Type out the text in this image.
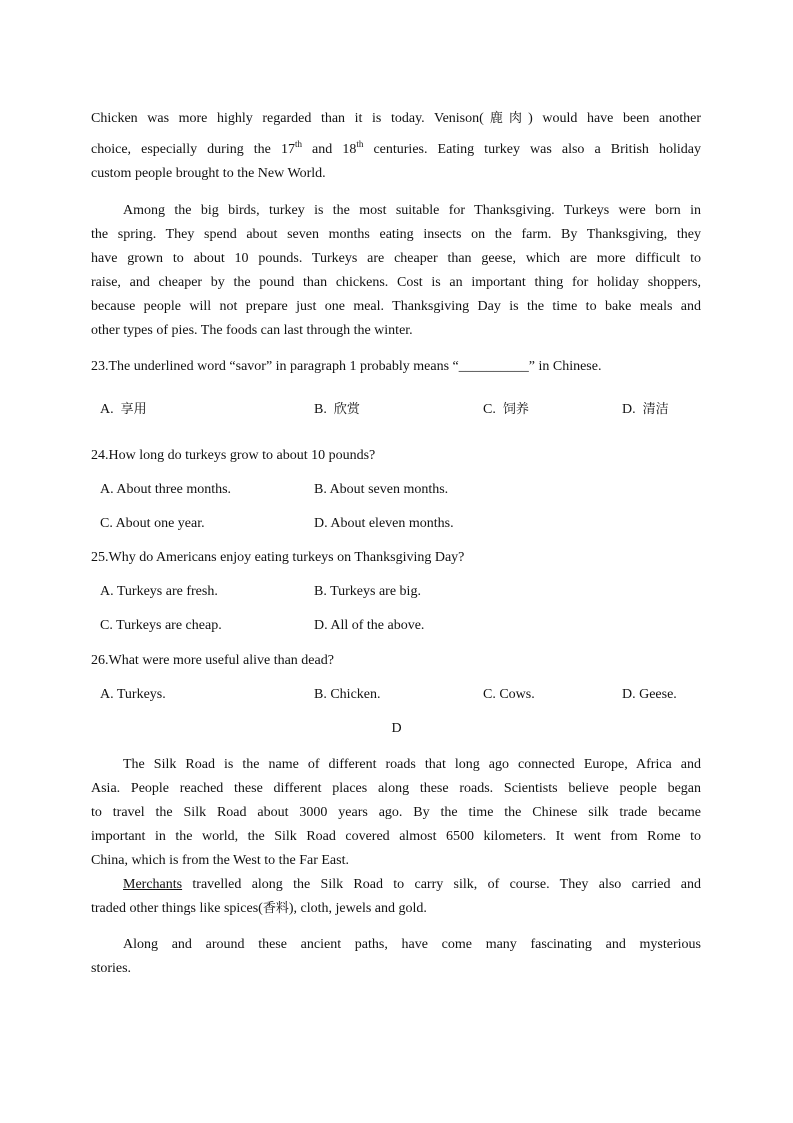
Chicken was more highly regarded than it is today. Venison(鹿肉) would have been another
choice, especially during the 17th and 18th centuries. Eating turkey was also a British holiday
custom people brought to the New World.
Among the big birds, turkey is the most suitable for Thanksgiving. Turkeys were born in
the spring. They spend about seven months eating insects on the farm. By Thanksgiving, they
have grown to about 10 pounds. Turkeys are cheaper than geese, which are more difficult to
raise, and cheaper by the pound than chickens. Cost is an important thing for holiday shoppers,
because people will not prepare just one meal. Thanksgiving Day is the time to bake meals and
other types of pies. The foods can last through the winter.
23.The underlined word “savor” in paragraph 1 probably means “__________” in Chinese.
A. 享用	B. 欣赏	C. 饲养	D. 清洁
24.How long do turkeys grow to about 10 pounds?
A. About three months.	B. About seven months.
C. About one year.	D. About eleven months.
25.Why do Americans enjoy eating turkeys on Thanksgiving Day?
A. Turkeys are fresh.	B. Turkeys are big.
C. Turkeys are cheap.	D. All of the above.
26.What were more useful alive than dead?
A. Turkeys.	B. Chicken.	C. Cows.	D. Geese.
D
The Silk Road is the name of different roads that long ago connected Europe, Africa and
Asia. People reached these different places along these roads. Scientists believe people began
to travel the Silk Road about 3000 years ago. By the time the Chinese silk trade became
important in the world, the Silk Road covered almost 6500 kilometers. It went from Rome to
China, which is from the West to the Far East.
Merchants travelled along the Silk Road to carry silk, of course. They also carried and
traded other things like spices(香料), cloth, jewels and gold.
Along and around these ancient paths, have come many fascinating and mysterious
stories.
